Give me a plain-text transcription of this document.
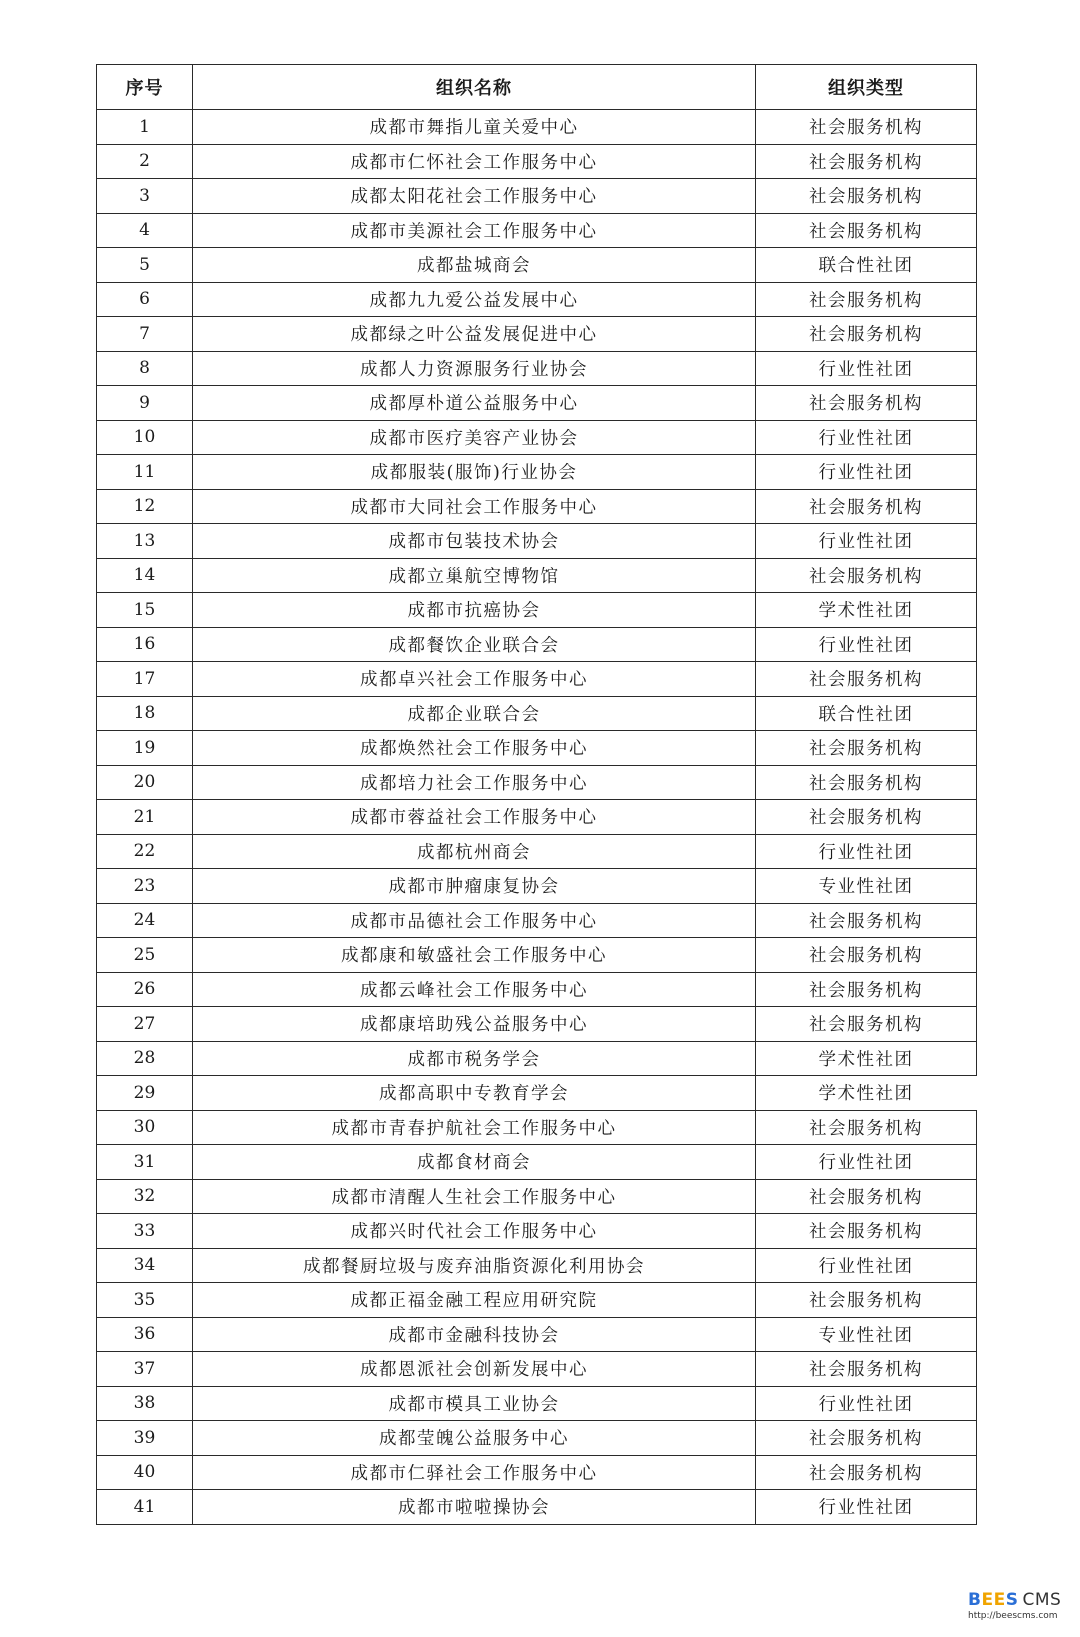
序号	组织名称	组织类型
1	成都市舞指儿童关爱中心	社会服务机构
2	成都市仁怀社会工作服务中心	社会服务机构
3	成都太阳花社会工作服务中心	社会服务机构
4	成都市美源社会工作服务中心	社会服务机构
5	成都盐城商会	联合性社团
6	成都九九爱公益发展中心	社会服务机构
7	成都绿之叶公益发展促进中心	社会服务机构
8	成都人力资源服务行业协会	行业性社团
9	成都厚朴道公益服务中心	社会服务机构
10	成都市医疗美容产业协会	行业性社团
11	成都服装(服饰)行业协会	行业性社团
12	成都市大同社会工作服务中心	社会服务机构
13	成都市包装技术协会	行业性社团
14	成都立巢航空博物馆	社会服务机构
15	成都市抗癌协会	学术性社团
16	成都餐饮企业联合会	行业性社团
17	成都卓兴社会工作服务中心	社会服务机构
18	成都企业联合会	联合性社团
19	成都焕然社会工作服务中心	社会服务机构
20	成都培力社会工作服务中心	社会服务机构
21	成都市蓉益社会工作服务中心	社会服务机构
22	成都杭州商会	行业性社团
23	成都市肿瘤康复协会	专业性社团
24	成都市品德社会工作服务中心	社会服务机构
25	成都康和敏盛社会工作服务中心	社会服务机构
26	成都云峰社会工作服务中心	社会服务机构
27	成都康培助残公益服务中心	社会服务机构
28	成都市税务学会	学术性社团
29	成都高职中专教育学会	学术性社团
30	成都市青春护航社会工作服务中心	社会服务机构
31	成都食材商会	行业性社团
32	成都市清醒人生社会工作服务中心	社会服务机构
33	成都兴时代社会工作服务中心	社会服务机构
34	成都餐厨垃圾与废弃油脂资源化利用协会	行业性社团
35	成都正福金融工程应用研究院	社会服务机构
36	成都市金融科技协会	专业性社团
37	成都恩派社会创新发展中心	社会服务机构
38	成都市模具工业协会	行业性社团
39	成都莹魄公益服务中心	社会服务机构
40	成都市仁驿社会工作服务中心	社会服务机构
41	成都市啦啦操协会	行业性社团
BEES CMS
http://beescms.com
